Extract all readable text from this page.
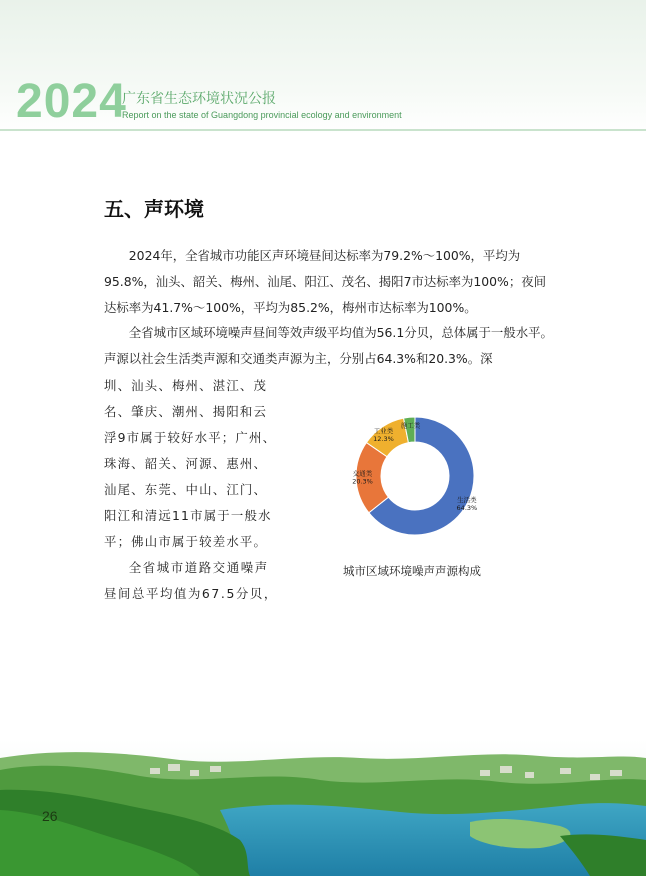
2024
广东省生态环境状况公报
Report on the state of Guangdong provincial ecology and environment
五、声环境
2024年，全省城市功能区声环境昼间达标率为79.2%～100%，平均为95.8%，汕头、韶关、梅州、汕尾、阳江、茂名、揭阳7市达标率为100%；夜间达标率为41.7%～100%，平均为85.2%，梅州市达标率为100%。
全省城市区域环境噪声昼间等效声级平均值为56.1分贝，总体属于一般水平。声源以社会生活类声源和交通类声源为主，分别占64.3%和20.3%。深
圳、汕头、梅州、湛江、茂名、肇庆、潮州、揭阳和云浮9市属于较好水平；广州、珠海、韶关、河源、惠州、汕尾、东莞、中山、江门、阳江和清远11市属于一般水平；佛山市属于较差水平。
全省城市道路交通噪声昼间总平均值为67.5分贝，
生活类
64.3%
交通类
20.3%
工业类
12.3%
施工类
城市区域环境噪声声源构成
26
